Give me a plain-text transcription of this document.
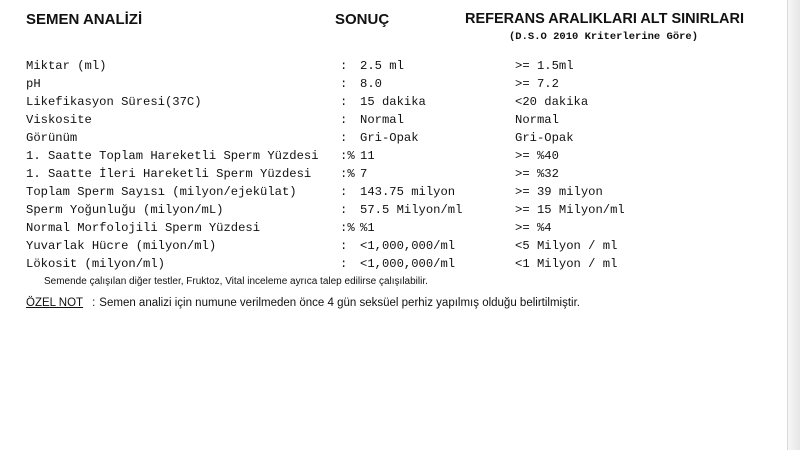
SEMEN ANALİZİ	SONUÇ	REFERANS ARALIKLARI ALT SINIRLARI
(D.S.O 2010 Kriterlerine Göre)
Miktar (ml)	: 2.5 ml	>= 1.5ml
pH	: 8.0	>= 7.2
Likefikasyon Süresi(37C)	: 15 dakika	<20 dakika
Viskosite	: Normal	Normal
Görünüm	: Gri-Opak	Gri-Opak
1. Saatte Toplam Hareketli Sperm Yüzdesi :% 11	>= %40
1. Saatte İleri Hareketli Sperm Yüzdesi :% 7	>= %32
Toplam Sperm Sayısı (milyon/ejekülat)	: 143.75 milyon	>= 39 milyon
Sperm Yoğunluğu (milyon/mL)	: 57.5 Milyon/ml	>= 15 Milyon/ml
Normal Morfolojili Sperm Yüzdesi	:% %1	>= %4
Yuvarlak Hücre (milyon/ml)	: <1,000,000/ml	<5 Milyon / ml
Lökosit (milyon/ml)	: <1,000,000/ml	<1 Milyon / ml
Semende çalışılan diğer testler, Fruktoz, Vital inceleme ayrıca talep edilirse çalışılabilir.
ÖZEL NOT : Semen analizi için numune verilmeden önce 4 gün seksüel perhiz yapılmış olduğu belirtilmiştir.
